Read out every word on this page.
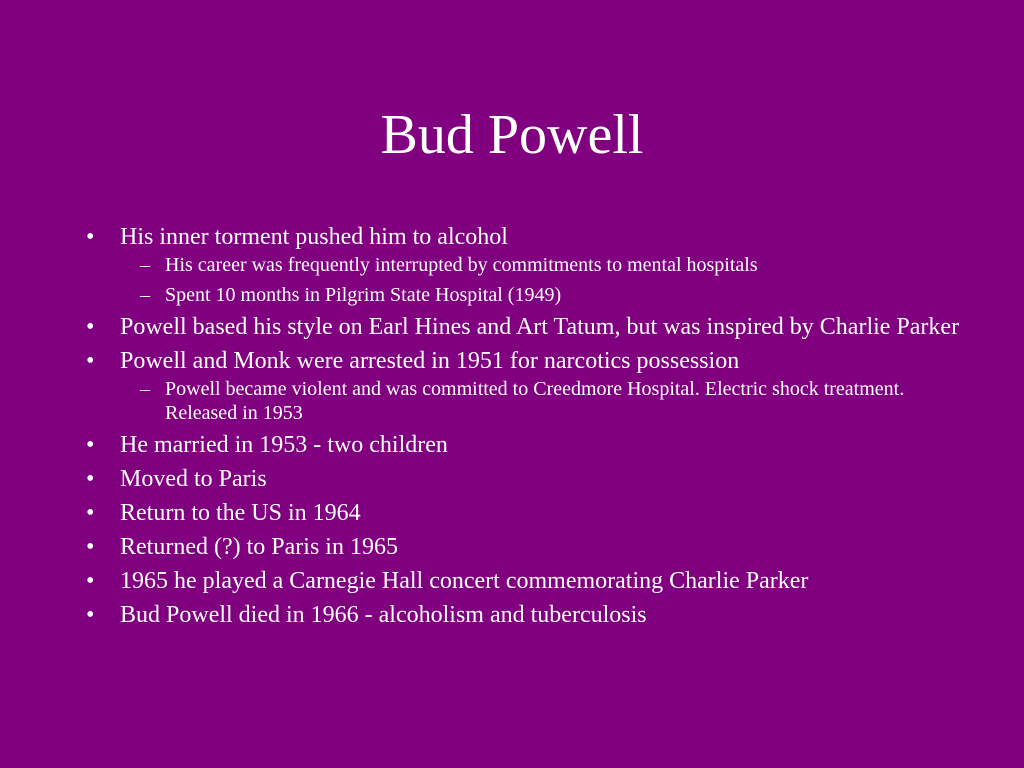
Bud Powell
•	His inner torment pushed him to alcohol
– His career was frequently interrupted by commitments to mental hospitals
– Spent 10 months in Pilgrim State Hospital (1949)
•	Powell based his style on Earl Hines and Art Tatum, but was inspired by Charlie Parker
•	Powell and Monk were arrested in 1951 for narcotics possession
– Powell became violent and was committed to Creedmore Hospital. Electric shock treatment. Released in 1953
•	He married in 1953 - two children
•	Moved to Paris
•	Return to the US in 1964
•	Returned (?) to Paris in 1965
•	1965 he played a Carnegie Hall concert commemorating Charlie Parker
•	Bud Powell died in 1966 - alcoholism and tuberculosis
